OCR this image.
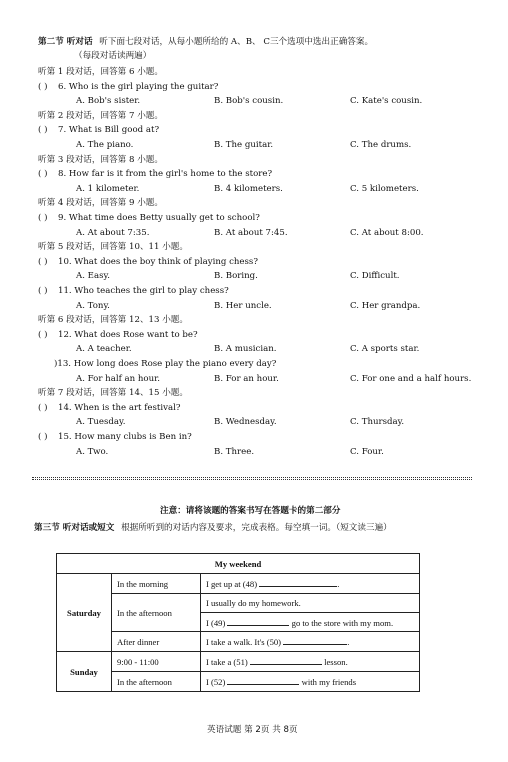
第二节 听对话 听下面七段对话，从每小题所给的 A、B、 C三个选项中选出正确答案。
（每段对话读两遍）
听第 1 段对话，回答第 6 小题。
( ) 6. Who is the girl playing the guitar?
A. Bob's sister.	B. Bob's cousin.	C. Kate's cousin.
听第 2 段对话，回答第 7 小题。
( ) 7. What is Bill good at?
A. The piano.	B. The guitar.	C. The drums.
听第 3 段对话，回答第 8 小题。
( ) 8. How far is it from the girl's home to the store?
A. 1 kilometer.	B. 4 kilometers.	C. 5 kilometers.
听第 4 段对话，回答第 9 小题。
( ) 9. What time does Betty usually get to school?
A. At about 7:35.	B. At about 7:45.	C. At about 8:00.
听第 5 段对话，回答第 10、11 小题。
( ) 10. What does the boy think of playing chess?
A. Easy.	B. Boring.	C. Difficult.
( ) 11. Who teaches the girl to play chess?
A. Tony.	B. Her uncle.	C. Her grandpa.
听第 6 段对话，回答第 12、13 小题。
( ) 12. What does Rose want to be?
A. A teacher.	B. A musician.	C. A sports star.
)13. How long does Rose play the piano every day?
A. For half an hour.	B. For an hour.	C. For one and a half hours.
听第 7 段对话，回答第 14、15 小题。
( ) 14. When is the art festival?
A. Tuesday.	B. Wednesday.	C. Thursday.
( ) 15. How many clubs is Ben in?
A. Two.	B. Three.	C. Four.
注意：请将该题的答案书写在答题卡的第二部分
第三节 听对话或短文 根据所听到的对话内容及要求，完成表格。每空填一词。（短文读三遍）
My weekend		
Saturday	In the morning	I get up at (48) .
	In the afternoon	I usually do my homework.
		I (49) go to the store with my mom.
	After dinner	I take a walk. It's (50) .
Sunday	9:00 - 11:00	I take a (51) lesson.
	In the afternoon	I (52) with my friends
英语试题 第 2页 共 8页
